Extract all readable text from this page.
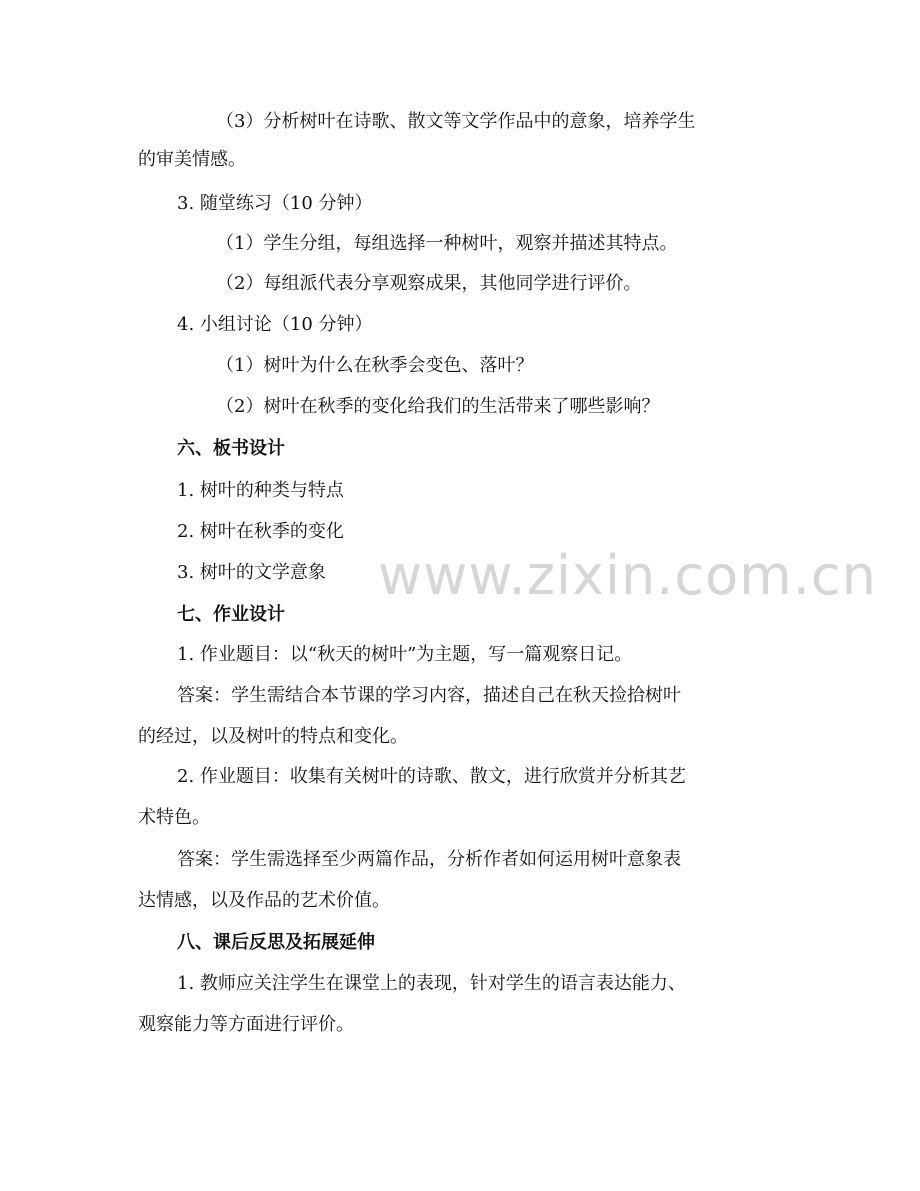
www.zixin.com.cn
（3）分析树叶在诗歌、散文等文学作品中的意象，培养学生
的审美情感。
3. 随堂练习（10 分钟）
（1）学生分组，每组选择一种树叶，观察并描述其特点。
（2）每组派代表分享观察成果，其他同学进行评价。
4. 小组讨论（10 分钟）
（1）树叶为什么在秋季会变色、落叶？
（2）树叶在秋季的变化给我们的生活带来了哪些影响？
六、板书设计
1. 树叶的种类与特点
2. 树叶在秋季的变化
3. 树叶的文学意象
七、作业设计
1. 作业题目：以“秋天的树叶”为主题，写一篇观察日记。
答案：学生需结合本节课的学习内容，描述自己在秋天捡拾树叶
的经过，以及树叶的特点和变化。
2. 作业题目：收集有关树叶的诗歌、散文，进行欣赏并分析其艺
术特色。
答案：学生需选择至少两篇作品，分析作者如何运用树叶意象表
达情感，以及作品的艺术价值。
八、课后反思及拓展延伸
1. 教师应关注学生在课堂上的表现，针对学生的语言表达能力、
观察能力等方面进行评价。
